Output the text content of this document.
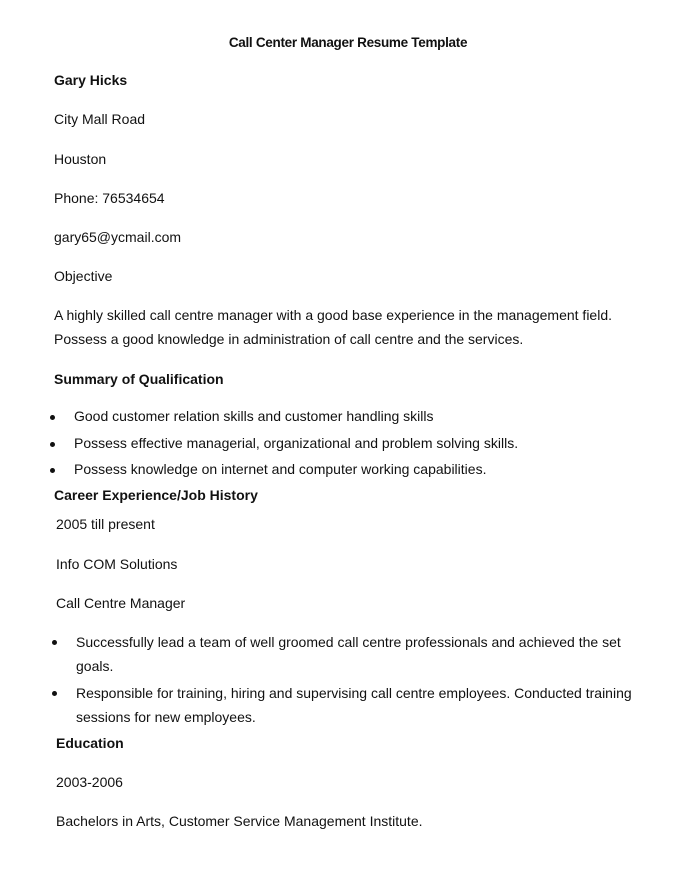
Call Center Manager Resume Template
Gary Hicks
City Mall Road
Houston
Phone: 76534654
gary65@ycmail.com
Objective
A highly skilled call centre manager with a good base experience in the management field. Possess a good knowledge in administration of call centre and the services.
Summary of Qualification
Good customer relation skills and customer handling skills
Possess effective managerial, organizational and problem solving skills.
Possess knowledge on internet and computer working capabilities.
Career Experience/Job History
2005 till present
Info COM Solutions
Call Centre Manager
Successfully lead a team of well groomed call centre professionals and achieved the set goals.
Responsible for training, hiring and supervising call centre employees. Conducted training sessions for new employees.
Education
2003-2006
Bachelors in Arts, Customer Service Management Institute.
